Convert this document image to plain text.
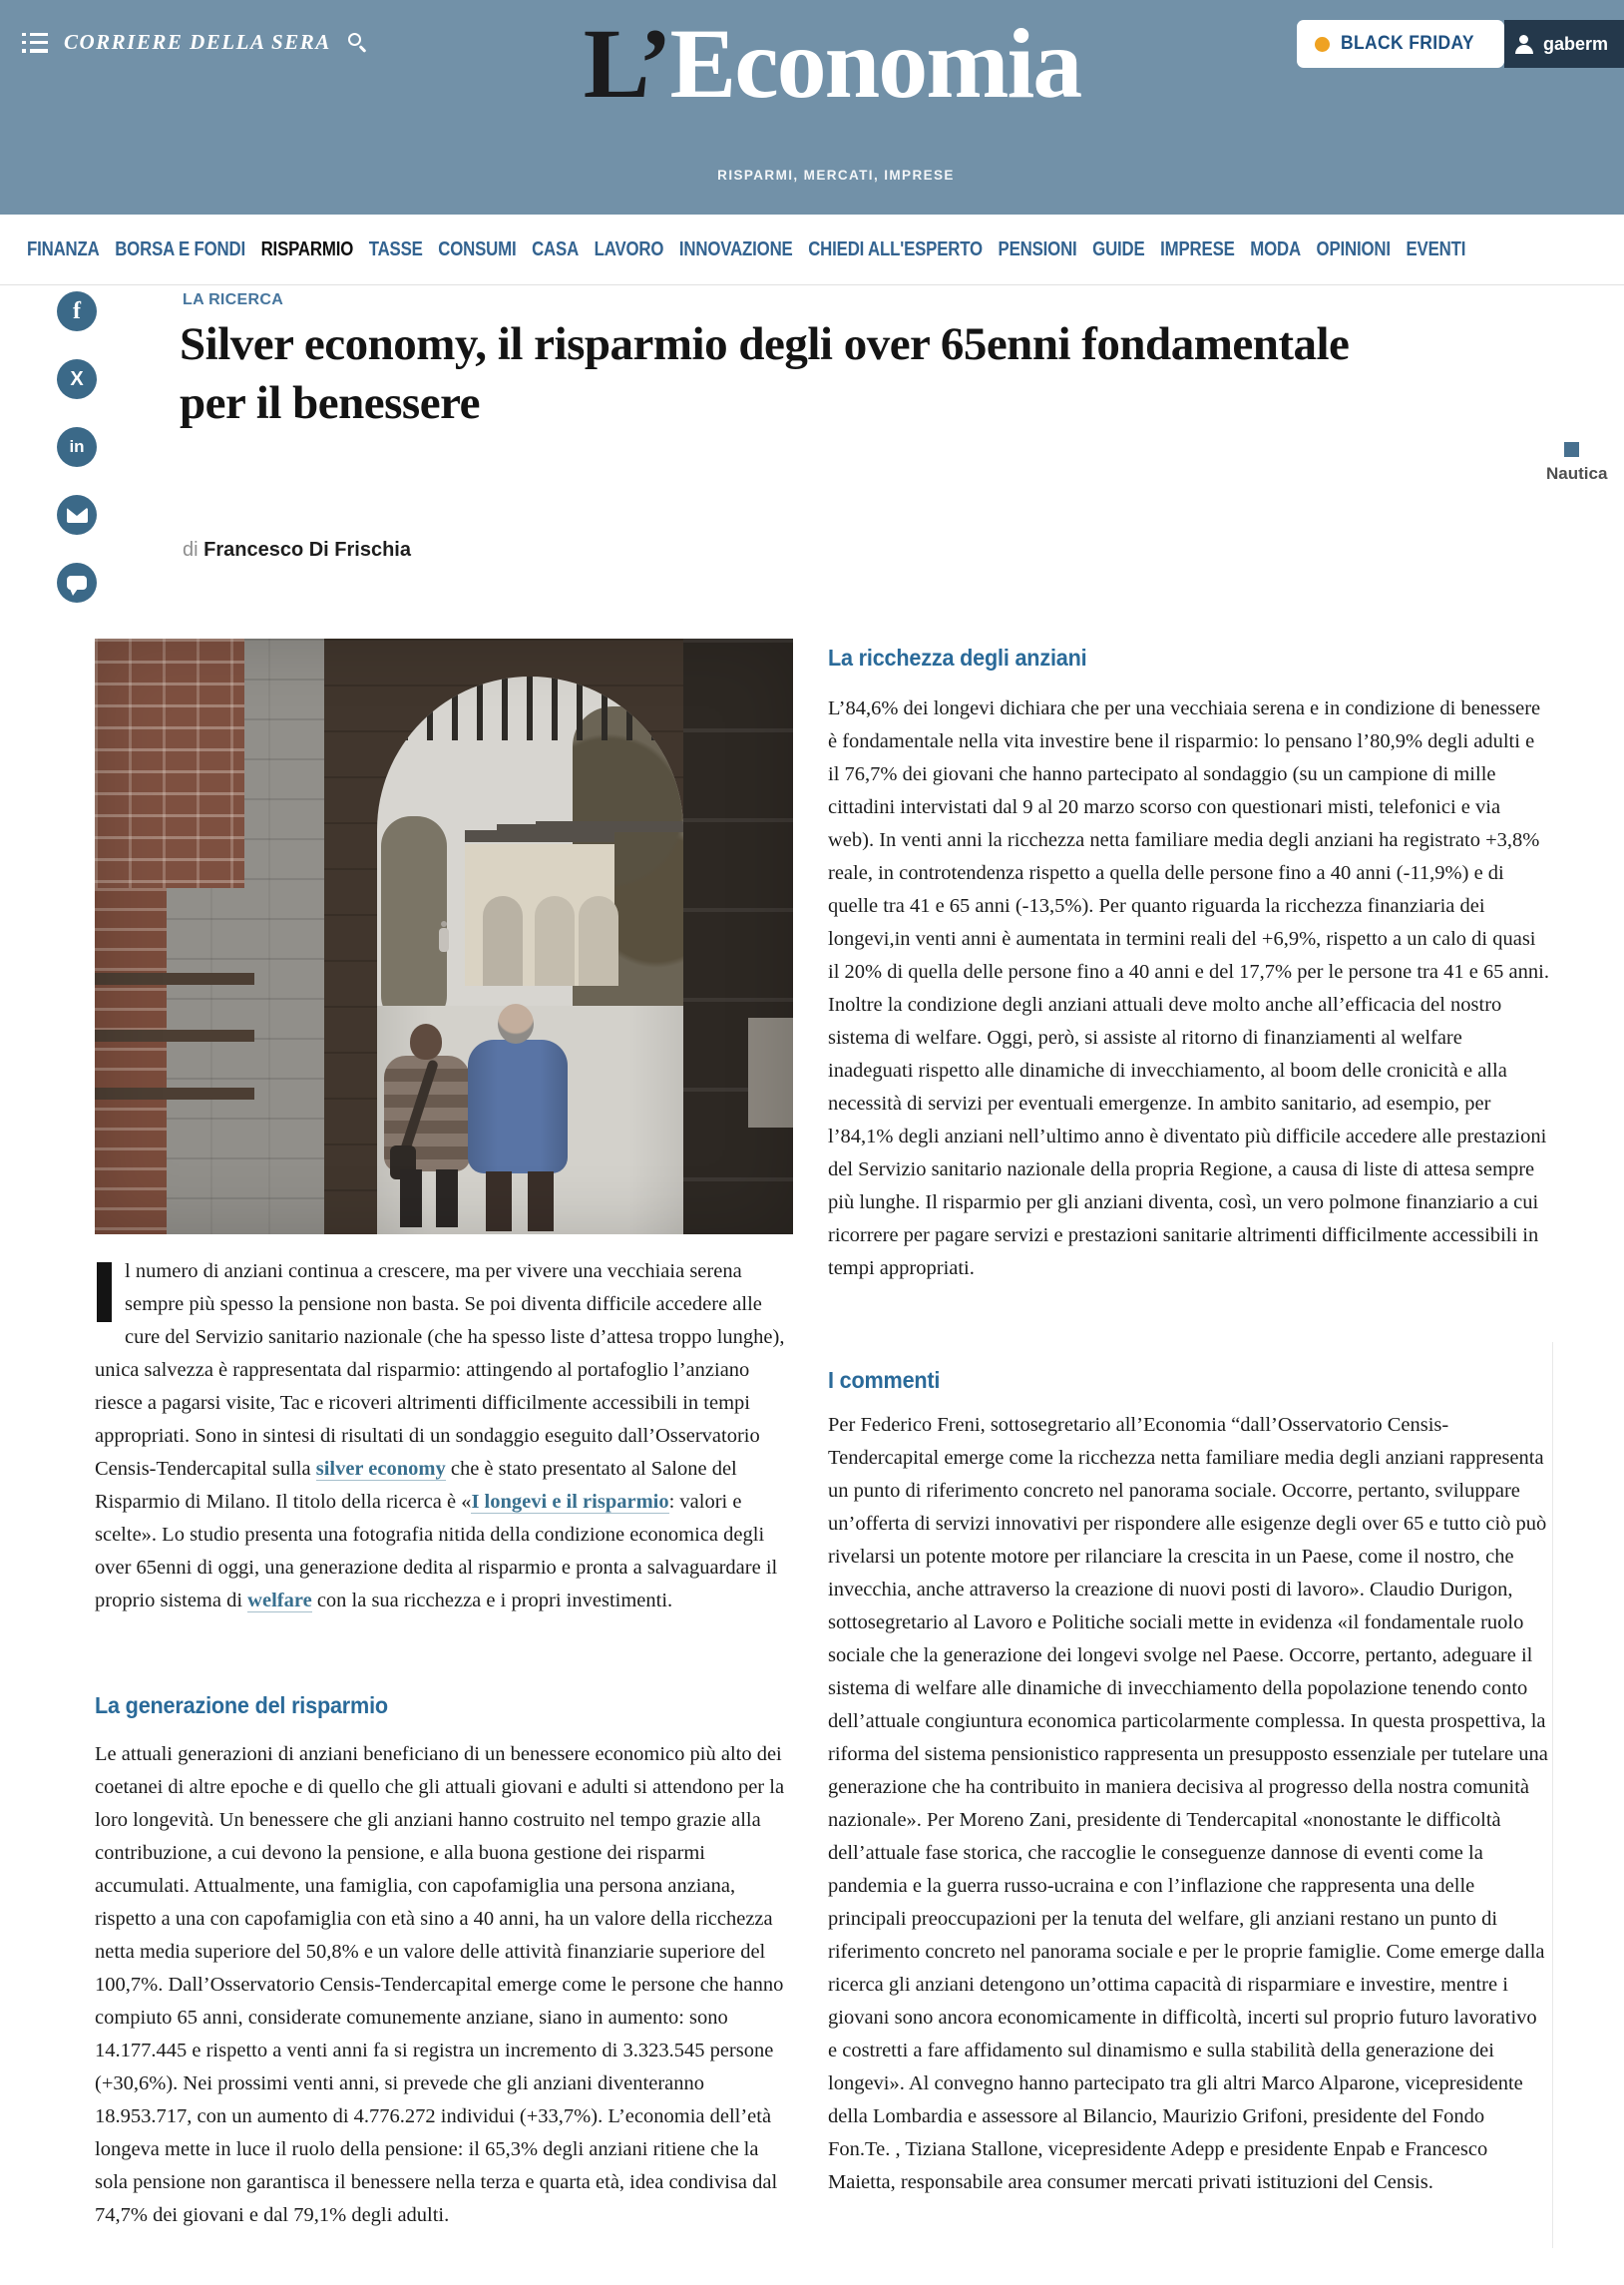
CORRIERE DELLA SERA	L’Economia
RISPARMI, MERCATI, IMPRESE
BLACK FRIDAY	gaberm
FINANZA BORSA E FONDI RISPARMIO TASSE CONSUMI CASA LAVORO INNOVAZIONE CHIEDI ALL'ESPERTO PENSIONI GUIDE IMPRESE MODA OPINIONI EVENTI
Nautica
f
X
in
LA RICERCA
Silver economy, il risparmio degli over 65enni fondamentale per il benessere
di Francesco Di Frischia

l numero di anziani continua a crescere, ma per vivere una vecchiaia serena sempre più spesso la pensione non basta. Se poi diventa difficile accedere alle cure del Servizio sanitario nazionale (che ha spesso liste d’attesa troppo lunghe), unica salvezza è rappresentata dal risparmio: attingendo al portafoglio l’anziano riesce a pagarsi visite, Tac e ricoveri altrimenti difficilmente accessibili in tempi appropriati. Sono in sintesi di risultati di un sondaggio eseguito dall’Osservatorio Censis-Tendercapital sulla silver economy che è stato presentato al Salone del Risparmio di Milano. Il titolo della ricerca è «I longevi e il risparmio: valori e scelte». Lo studio presenta una fotografia nitida della condizione economica degli over 65enni di oggi, una generazione dedita al risparmio e pronta a salvaguardare il proprio sistema di welfare con la sua ricchezza e i propri investimenti.

La generazione del risparmio

Le attuali generazioni di anziani beneficiano di un benessere economico più alto dei coetanei di altre epoche e di quello che gli attuali giovani e adulti si attendono per la loro longevità. Un benessere che gli anziani hanno costruito nel tempo grazie alla contribuzione, a cui devono la pensione, e alla buona gestione dei risparmi accumulati. Attualmente, una famiglia, con capofamiglia una persona anziana, rispetto a una con capofamiglia con età sino a 40 anni, ha un valore della ricchezza netta media superiore del 50,8% e un valore delle attività finanziarie superiore del 100,7%. Dall’Osservatorio Censis-Tendercapital emerge come le persone che hanno compiuto 65 anni, considerate comunemente anziane, siano in aumento: sono 14.177.445 e rispetto a venti anni fa si registra un incremento di 3.323.545 persone (+30,6%). Nei prossimi venti anni, si prevede che gli anziani diventeranno 18.953.717, con un aumento di 4.776.272 individui (+33,7%). L’economia dell’età longeva mette in luce il ruolo della pensione: il 65,3% degli anziani ritiene che la sola pensione non garantisca il benessere nella terza e quarta età, idea condivisa dal 74,7% dei giovani e dal 79,1% degli adulti.

La ricchezza degli anziani

L’84,6% dei longevi dichiara che per una vecchiaia serena e in condizione di benessere è fondamentale nella vita investire bene il risparmio: lo pensano l’80,9% degli adulti e il 76,7% dei giovani che hanno partecipato al sondaggio (su un campione di mille cittadini intervistati dal 9 al 20 marzo scorso con questionari misti, telefonici e via web). In venti anni la ricchezza netta familiare media degli anziani ha registrato +3,8% reale, in controtendenza rispetto a quella delle persone fino a 40 anni (-11,9%) e di quelle tra 41 e 65 anni (-13,5%). Per quanto riguarda la ricchezza finanziaria dei longevi,in venti anni è aumentata in termini reali del +6,9%, rispetto a un calo di quasi il 20% di quella delle persone fino a 40 anni e del 17,7% per le persone tra 41 e 65 anni. Inoltre la condizione degli anziani attuali deve molto anche all’efficacia del nostro sistema di welfare. Oggi, però, si assiste al ritorno di finanziamenti al welfare inadeguati rispetto alle dinamiche di invecchiamento, al boom delle cronicità e alla necessità di servizi per eventuali emergenze. In ambito sanitario, ad esempio, per l’84,1% degli anziani nell’ultimo anno è diventato più difficile accedere alle prestazioni del Servizio sanitario nazionale della propria Regione, a causa di liste di attesa sempre più lunghe. Il risparmio per gli anziani diventa, così, un vero polmone finanziario a cui ricorrere per pagare servizi e prestazioni sanitarie altrimenti difficilmente accessibili in tempi appropriati.

I commenti

Per Federico Freni, sottosegretario all’Economia “dall’Osservatorio Censis-Tendercapital emerge come la ricchezza netta familiare media degli anziani rappresenta un punto di riferimento concreto nel panorama sociale. Occorre, pertanto, sviluppare un’offerta di servizi innovativi per rispondere alle esigenze degli over 65 e tutto ciò può rivelarsi un potente motore per rilanciare la crescita in un Paese, come il nostro, che invecchia, anche attraverso la creazione di nuovi posti di lavoro». Claudio Durigon, sottosegretario al Lavoro e Politiche sociali mette in evidenza «il fondamentale ruolo sociale che la generazione dei longevi svolge nel Paese. Occorre, pertanto, adeguare il sistema di welfare alle dinamiche di invecchiamento della popolazione tenendo conto dell’attuale congiuntura economica particolarmente complessa. In questa prospettiva, la riforma del sistema pensionistico rappresenta un presupposto essenziale per tutelare una generazione che ha contribuito in maniera decisiva al progresso della nostra comunità nazionale». Per Moreno Zani, presidente di Tendercapital «nonostante le difficoltà dell’attuale fase storica, che raccoglie le conseguenze dannose di eventi come la pandemia e la guerra russo-ucraina e con l’inflazione che rappresenta una delle principali preoccupazioni per la tenuta del welfare, gli anziani restano un punto di riferimento concreto nel panorama sociale e per le proprie famiglie. Come emerge dalla ricerca gli anziani detengono un’ottima capacità di risparmiare e investire, mentre i giovani sono ancora economicamente in difficoltà, incerti sul proprio futuro lavorativo e costretti a fare affidamento sul dinamismo e sulla stabilità della generazione dei longevi». Al convegno hanno partecipato tra gli altri Marco Alparone, vicepresidente della Lombardia e assessore al Bilancio, Maurizio Grifoni, presidente del Fondo Fon.Te. , Tiziana Stallone, vicepresidente Adepp e presidente Enpab e Francesco Maietta, responsabile area consumer mercati privati istituzioni del Censis.
